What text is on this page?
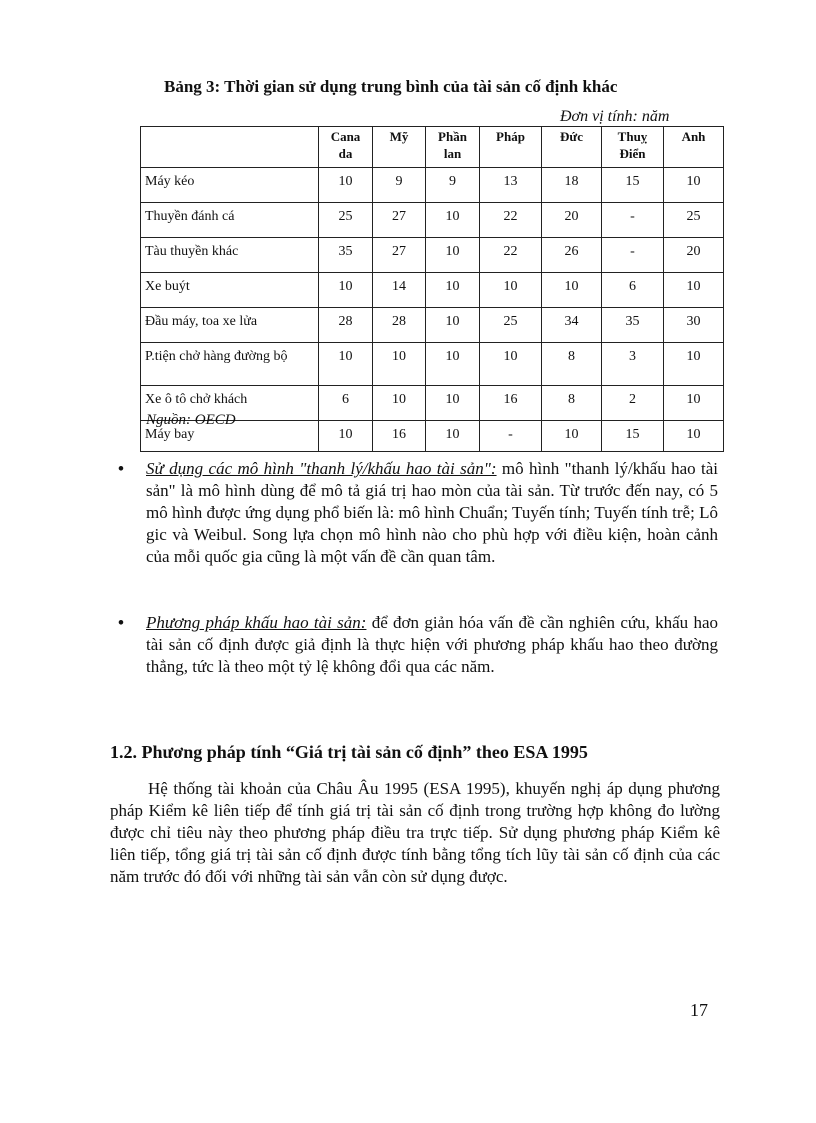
Bảng 3: Thời gian sử dụng trung bình của tài sản cố định khác
Đơn vị tính: năm
	Cana da	Mỹ	Phần lan	Pháp	Đức	Thuỵ Điển	Anh
Máy kéo	10	9	9	13	18	15	10
Thuyền đánh cá	25	27	10	22	20	-	25
Tàu thuyền khác	35	27	10	22	26	-	20
Xe buýt	10	14	10	10	10	6	10
Đầu máy, toa xe lửa	28	28	10	25	34	35	30
P.tiện chở hàng đường bộ	10	10	10	10	8	3	10
Xe ô tô chở khách	6	10	10	16	8	2	10
Máy bay	10	16	10	-	10	15	10
Nguồn: OECD
•	Sử dụng các mô hình "thanh lý/khấu hao tài sản": mô hình "thanh lý/khấu hao tài sản" là mô hình dùng để mô tả giá trị hao mòn của tài sản. Từ trước đến nay, có 5 mô hình được ứng dụng phổ biến là: mô hình Chuẩn; Tuyến tính; Tuyến tính trễ; Lô gic và Weibul. Song lựa chọn mô hình nào cho phù hợp với điều kiện, hoàn cảnh của mỗi quốc gia cũng là một vấn đề cần quan tâm.
•	Phương pháp khấu hao tài sản: để đơn giản hóa vấn đề cần nghiên cứu, khấu hao tài sản cố định được giả định là thực hiện với phương pháp khấu hao theo đường thẳng, tức là theo một tỷ lệ không đổi qua các năm.
1.2. Phương pháp tính “Giá trị tài sản cố định” theo ESA 1995
Hệ thống tài khoản của Châu Âu 1995 (ESA 1995), khuyến nghị áp dụng phương pháp Kiểm kê liên tiếp để tính giá trị tài sản cố định trong trường hợp không đo lường được chỉ tiêu này theo phương pháp điều tra trực tiếp. Sử dụng phương pháp Kiểm kê liên tiếp, tổng giá trị tài sản cố định được tính bằng tổng tích lũy tài sản cố định của các năm trước đó đối với những tài sản vẫn còn sử dụng được.
17
